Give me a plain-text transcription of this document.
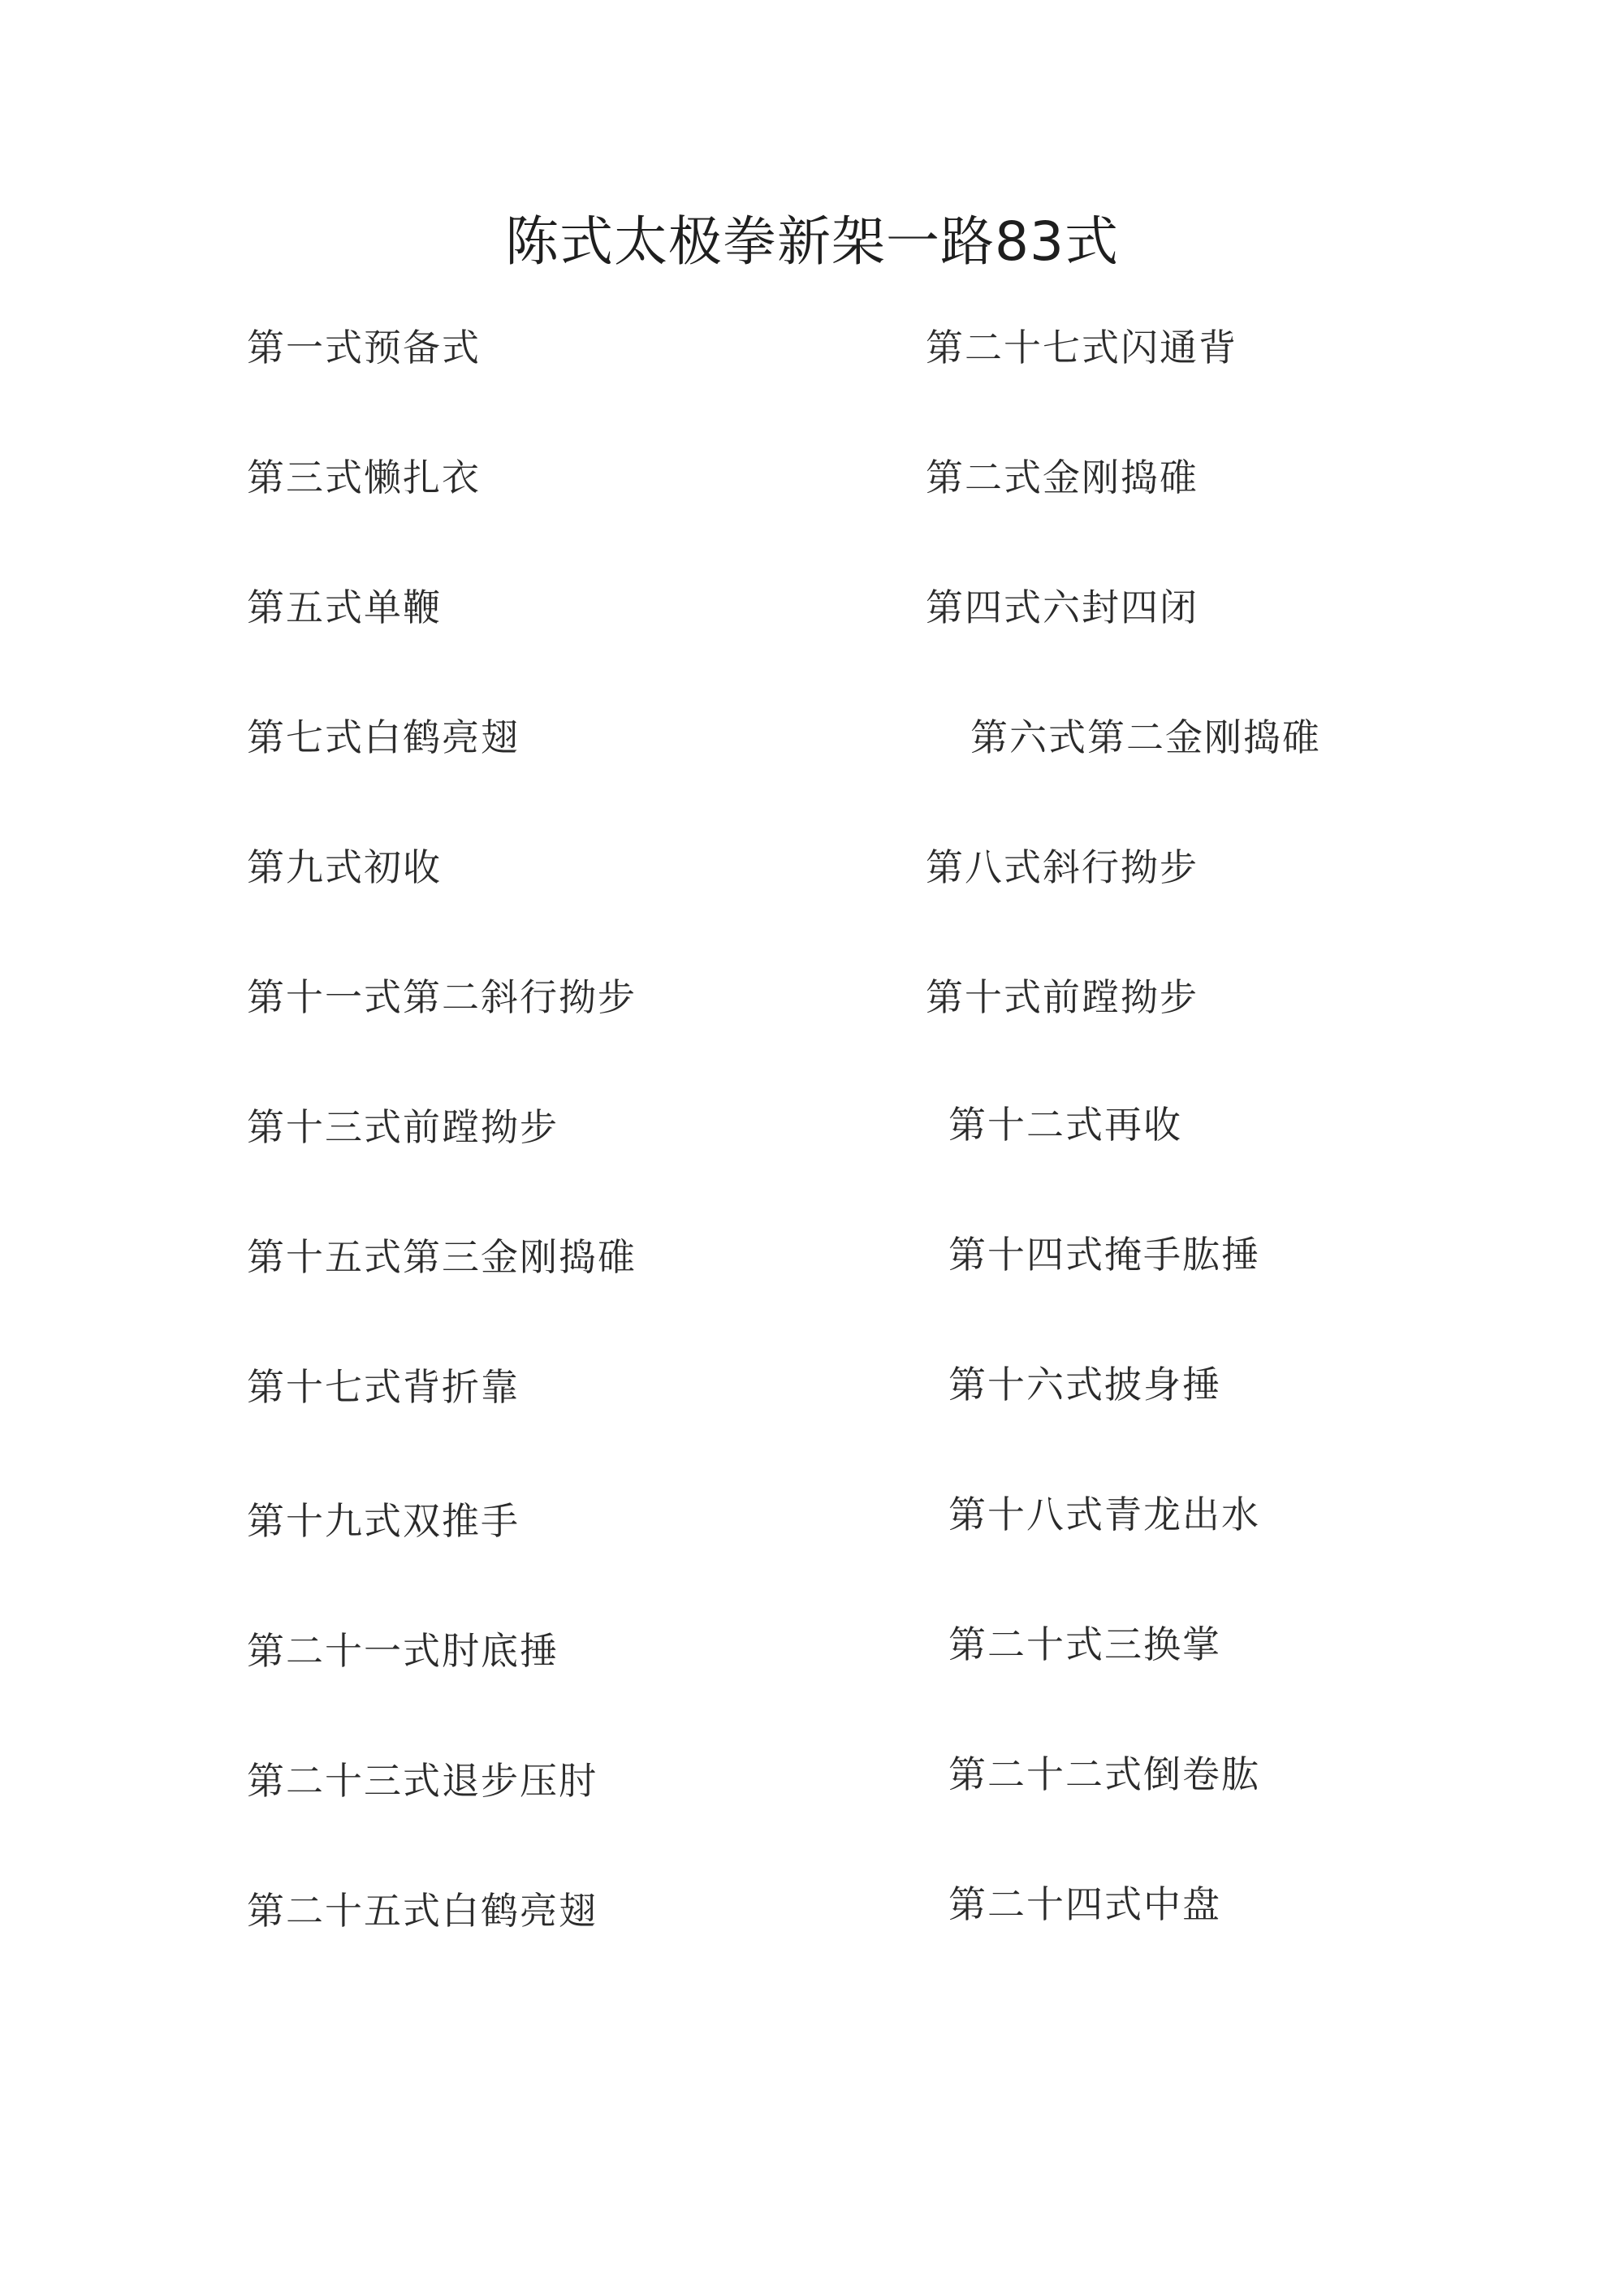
陈式太极拳新架一路83式
第一式预备式
第三式懒扎衣
第五式单鞭
第七式白鹤亮翅
第九式初收
第十一式第二斜行拗步
第十三式前蹚拗步
第十五式第三金刚捣碓
第十七式背折靠
第十九式双推手
第二十一式肘底捶
第二十三式退步压肘
第二十五式白鹤亮翅
第二十七式闪通背
第二式金刚捣碓
第四式六封四闭
第六式第二金刚捣碓
第八式斜行拗步
第十式前蹚拗步
第十二式再收
第十四式掩手肱捶
第十六式披身捶
第十八式青龙出水
第二十式三换掌
第二十二式倒卷肱
第二十四式中盘
